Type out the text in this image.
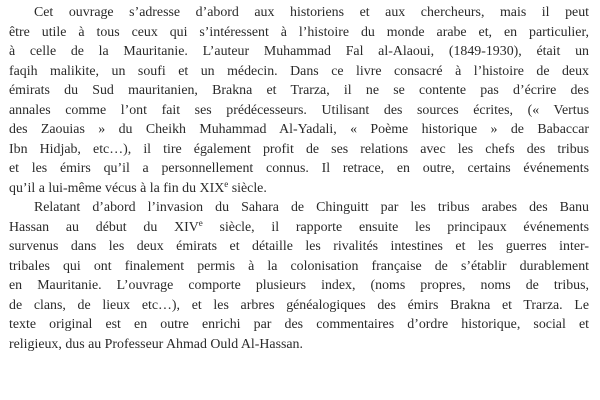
Cet ouvrage s’adresse d’abord aux historiens et aux chercheurs, mais il peut
être utile à tous ceux qui s’intéressent à l’histoire du monde arabe et, en particulier,
à celle de la Mauritanie. L’auteur Muhammad Fal al-Alaoui, (1849-1930), était un
faqih malikite, un soufi et un médecin. Dans ce livre consacré à l’histoire de deux
émirats du Sud mauritanien, Brakna et Trarza, il ne se contente pas d’écrire des
annales comme l’ont fait ses prédécesseurs. Utilisant des sources écrites, (« Vertus
des Zaouias » du Cheikh Muhammad Al-Yadali, « Poème historique » de Babaccar
Ibn Hidjab, etc…), il tire également profit de ses relations avec les chefs des tribus
et les émirs qu’il a personnellement connus. Il retrace, en outre, certains événements
qu’il a lui-même vécus à la fin du XIXe siècle.
Relatant d’abord l’invasion du Sahara de Chinguitt par les tribus arabes des Banu
Hassan au début du XIVe siècle, il rapporte ensuite les principaux événements
survenus dans les deux émirats et détaille les rivalités intestines et les guerres inter-
tribales qui ont finalement permis à la colonisation française de s’établir durablement
en Mauritanie. L’ouvrage comporte plusieurs index, (noms propres, noms de tribus,
de clans, de lieux etc…), et les arbres généalogiques des émirs Brakna et Trarza. Le
texte original est en outre enrichi par des commentaires d’ordre historique, social et
religieux, dus au Professeur Ahmad Ould Al-Hassan.
